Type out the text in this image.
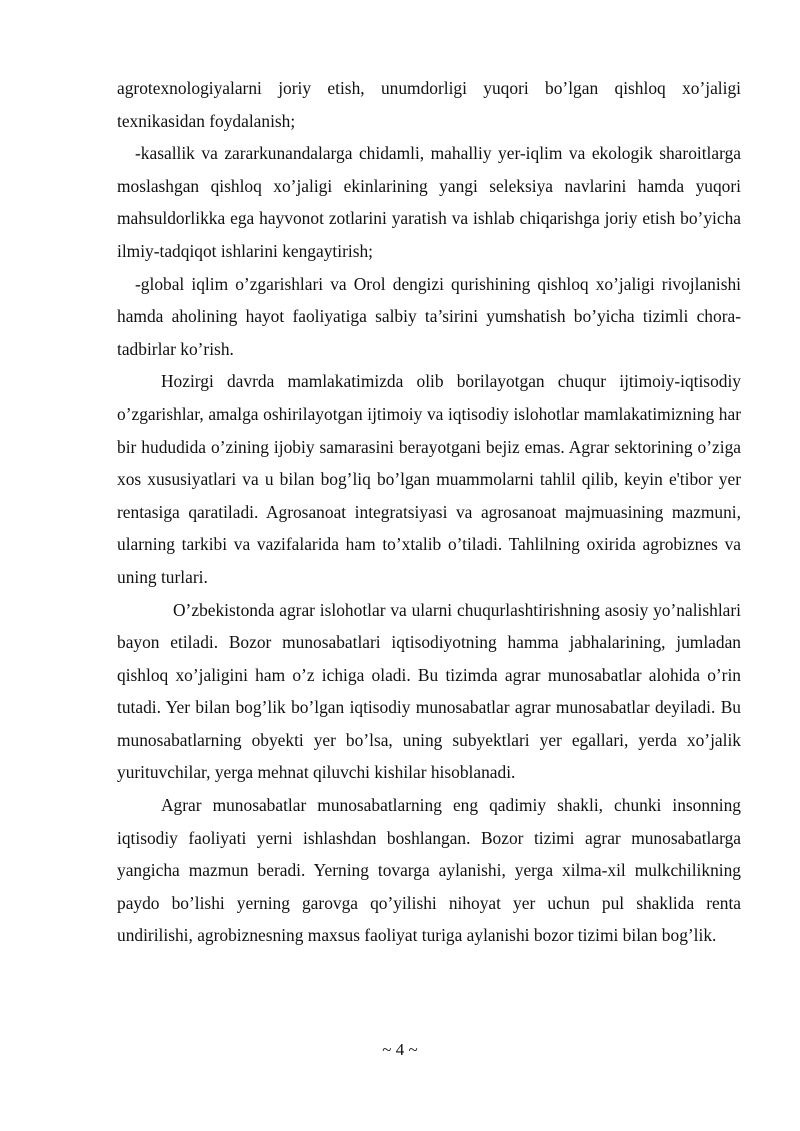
agrotexnologiyalarni joriy etish, unumdorligi yuqori bo’lgan qishloq xo’jaligi texnikasidan foydalanish;

-kasallik va zararkunandalarga chidamli, mahalliy yer-iqlim va ekologik sharoitlarga moslashgan qishloq xo’jaligi ekinlarining yangi seleksiya navlarini hamda yuqori mahsuldorlikka ega hayvonot zotlarini yaratish va ishlab chiqarishga joriy etish bo’yicha ilmiy-tadqiqot ishlarini kengaytirish;

-global iqlim o’zgarishlari va Orol dengizi qurishining qishloq xo’jaligi rivojlanishi hamda aholining hayot faoliyatiga salbiy ta’sirini yumshatish bo’yicha tizimli chora-tadbirlar ko’rish.

Hozirgi davrda mamlakatimizda olib borilayotgan chuqur ijtimoiy-iqtisodiy o’zgarishlar, amalga oshirilayotgan ijtimoiy va iqtisodiy islohotlar mamlakatimizning har bir hududida o’zining ijobiy samarasini berayotgani bejiz emas. Agrar sektorining o’ziga xos xususiyatlari va u bilan bog’liq bo’lgan muammolarni tahlil qilib, keyin e'tibor yer rentasiga qaratiladi. Agrosanoat integratsiyasi va agrosanoat majmuasining mazmuni, ularning tarkibi va vazifalarida ham to’xtalib o’tiladi. Tahlilning oxirida agrobiznes va uning turlari.

O’zbekistonda agrar islohotlar va ularni chuqurlashtirishning asosiy yo’nalishlari bayon etiladi. Bozor munosabatlari iqtisodiyotning hamma jabhalarining, jumladan qishloq xo’jaligini ham o’z ichiga oladi. Bu tizimda agrar munosabatlar alohida o’rin tutadi. Yer bilan bog’lik bo’lgan iqtisodiy munosabatlar agrar munosabatlar deyiladi. Bu munosabatlarning obyekti yer bo’lsa, uning subyektlari yer egallari, yerda xo’jalik yurituvchilar, yerga mehnat qiluvchi kishilar hisoblanadi.

Agrar munosabatlar munosabatlarning eng qadimiy shakli, chunki insonning iqtisodiy faoliyati yerni ishlashdan boshlangan. Bozor tizimi agrar munosabatlarga yangicha mazmun beradi. Yerning tovarga aylanishi, yerga xilma-xil mulkchilikning paydo bo’lishi yerning garovga qo’yilishi nihoyat yer uchun pul shaklida renta undirilishi, agrobiznesning maxsus faoliyat turiga aylanishi bozor tizimi bilan bog’lik.

~ 4 ~
